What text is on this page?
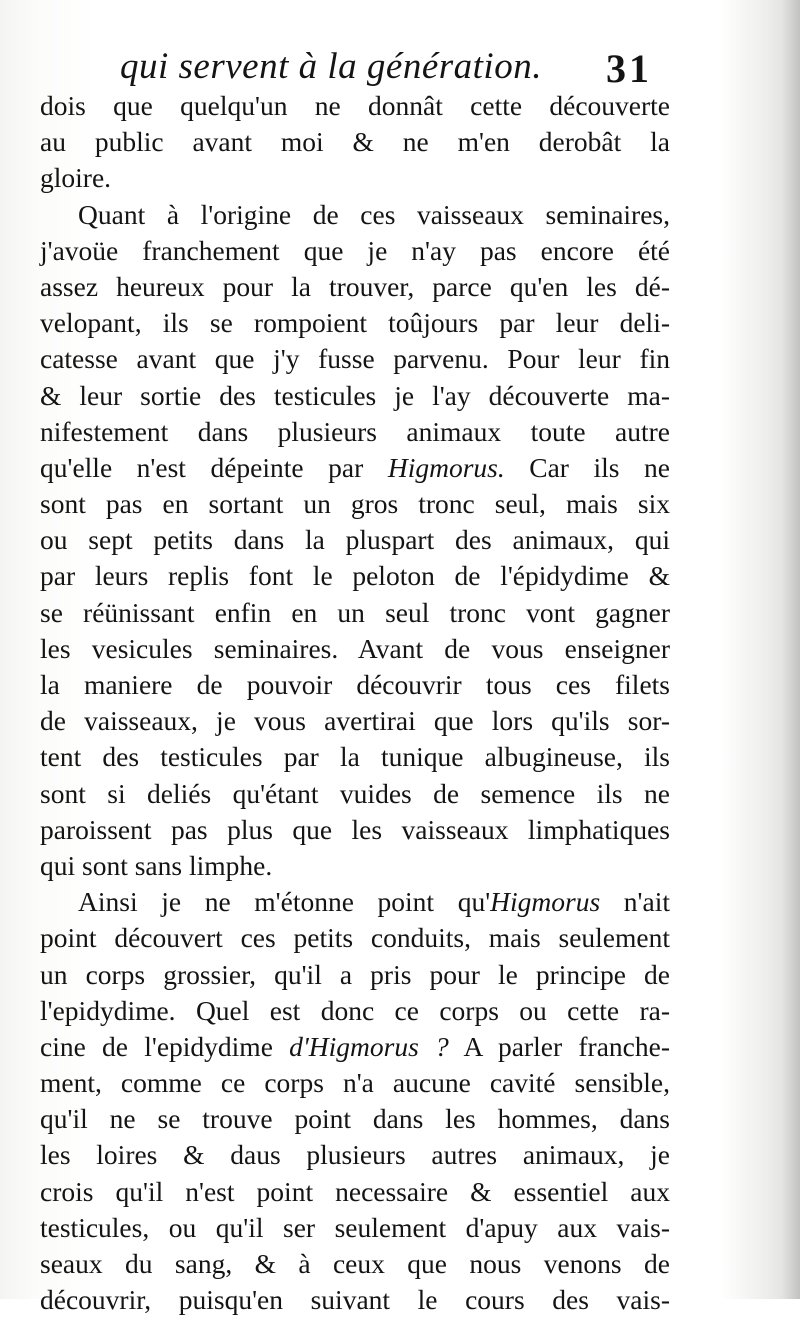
qui servent à la génération.	31
dois que quelqu'un ne donnât cette découverte
au public avant moi & ne m'en derobât la
gloire.
Quant à l'origine de ces vaisseaux seminaires,
j'avoüe franchement que je n'ay pas encore été
assez heureux pour la trouver, parce qu'en les dé-
velopant, ils se rompoient toûjours par leur deli-
catesse avant que j'y fusse parvenu. Pour leur fin
& leur sortie des testicules je l'ay découverte ma-
nifestement dans plusieurs animaux toute autre
qu'elle n'est dépeinte par Higmorus. Car ils ne
sont pas en sortant un gros tronc seul, mais six
ou sept petits dans la pluspart des animaux, qui
par leurs replis font le peloton de l'épidydime &
se réünissant enfin en un seul tronc vont gagner
les vesicules seminaires. Avant de vous enseigner
la maniere de pouvoir découvrir tous ces filets
de vaisseaux, je vous avertirai que lors qu'ils sor-
tent des testicules par la tunique albugineuse, ils
sont si deliés qu'étant vuides de semence ils ne
paroissent pas plus que les vaisseaux limphatiques
qui sont sans limphe.
Ainsi je ne m'étonne point qu'Higmorus n'ait
point découvert ces petits conduits, mais seulement
un corps grossier, qu'il a pris pour le principe de
l'epidydime. Quel est donc ce corps ou cette ra-
cine de l'epidydime d'Higmorus ? A parler franche-
ment, comme ce corps n'a aucune cavité sensible,
qu'il ne se trouve point dans les hommes, dans
les loires & daus plusieurs autres animaux, je
crois qu'il n'est point necessaire & essentiel aux
testicules, ou qu'il ser seulement d'apuy aux vais-
seaux du sang, & à ceux que nous venons de
découvrir, puisqu'en suivant le cours des vais-
